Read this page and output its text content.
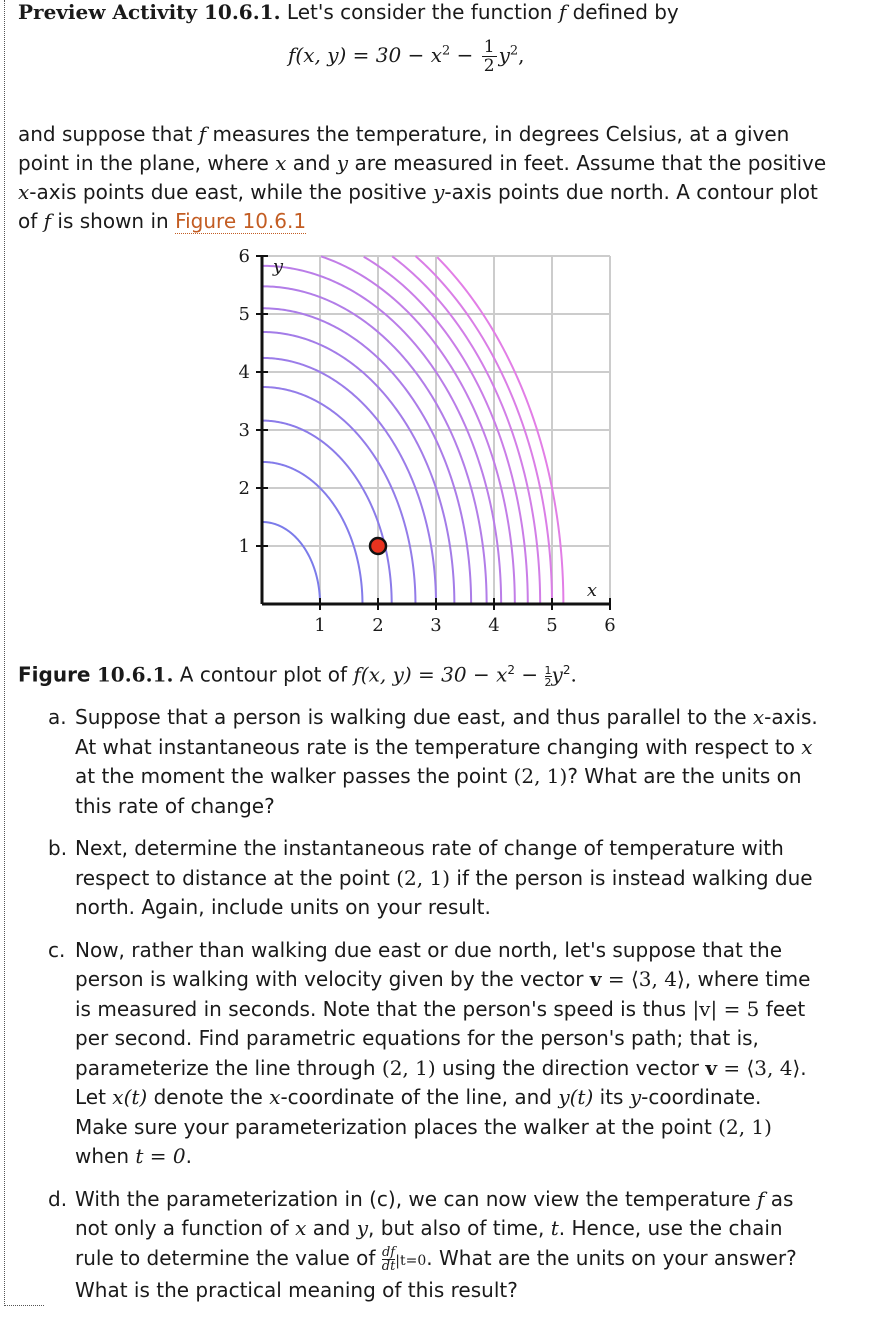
Preview Activity 10.6.1. Let's consider the function f defined by

f(x, $y) = 30 - x^2 - \frac{1}{2} y^2$,

and suppose that f measures the temperature, in degrees Celsius, at a given point in the plane, where x and y are measured in feet. Assume that the positive x-axis points due east, while the positive y-axis points due north. A contour plot of f is shown in Figure 10.6.1

1	2	3	4	5	6
1
2
3
4
5
6
x
y
Figure 10.6.1. A contour plot of f(x, $y) = 30 - x^2 - \frac{1}{2} y^2$.
a. Suppose that a person is walking due east, and thus parallel to the x-axis. At what instantaneous rate is the temperature changing with respect to x at the moment the walker passes the point (2, 1)? What are the units on this rate of change?
b. Next, determine the instantaneous rate of change of temperature with respect to distance at the point (2, 1) if the person is instead walking due north. Again, include units on your result.
c. Now, rather than walking due east or due north, let's suppose that the person is walking with velocity given by the vector v = ⟨3, 4⟩, where time is measured in seconds. Note that the person's speed is thus |v| = 5 feet per second. Find parametric equations for the person's path; that is, parameterize the line through (2, 1) using the direction vector v = ⟨3, 4⟩. Let x(t) denote the x-coordinate of the line, and y(t) its y-coordinate. Make sure your parameterization places the walker at the point (2, 1) when t = 0.
d. With the parameterization in (c), we can now view the temperature f as not only a function of x and y, but also of time, t. Hence, use the chain rule to determine the value of $\frac{df}{dt} |t=0$. What are the units on your answer? What is the practical meaning of this result?
